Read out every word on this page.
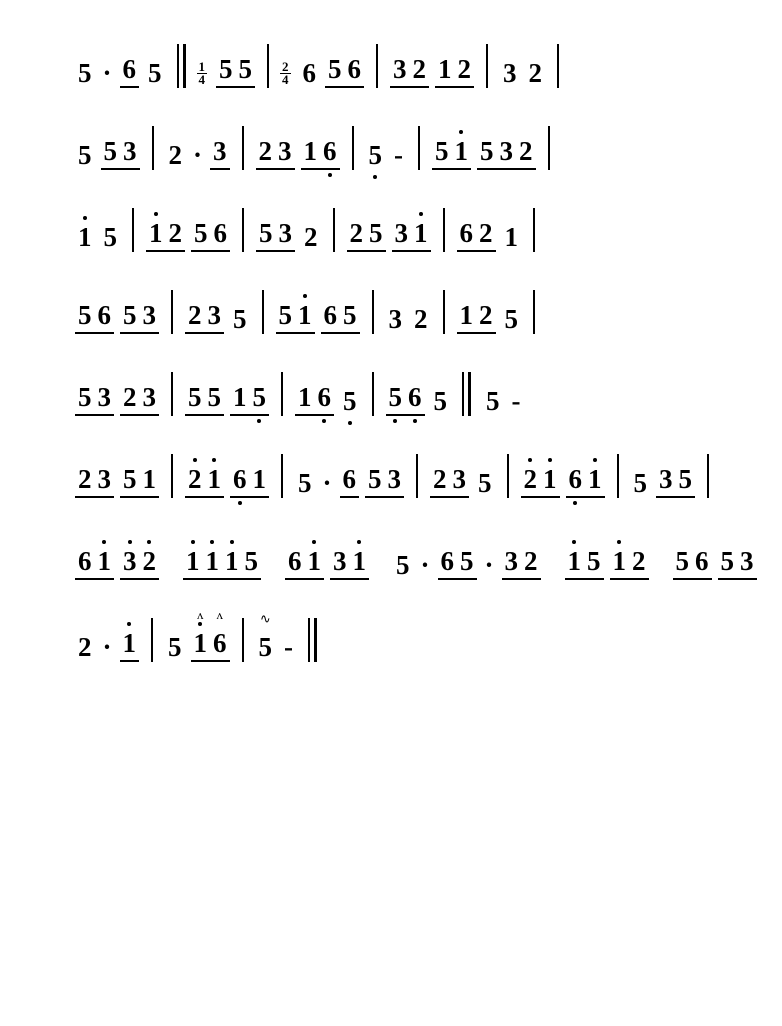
5 · 6 5	$\frac{1}{4} 5$ $5 \frac{2}{4} 6$ 5 6 3 2 1 2 3 2
5 5 3 2 · 3 2 3 1 6 5 - 5 1 5 3 2
1 5 1 2 5 6 5 3 2 2 5 3 1 6 2 1
5 6 5 3 2 3 5 5 1 6 5 3 2 1 2 5
5 3 2 3 5 5 1 5 1 6 5 5 6 5 5 -
2 3 5 1 2 1 6 1 5 · 6 5 3 2 3 5 2 1 6 1 5 3 5
6 1 3 2 1 1 1 5 6 1 3 1 5 · 6 5 · 3 2 1 5 1 2 5 6 5 3
2 · 1 5 1
ʌ
6
ʌ
5
∿
-
